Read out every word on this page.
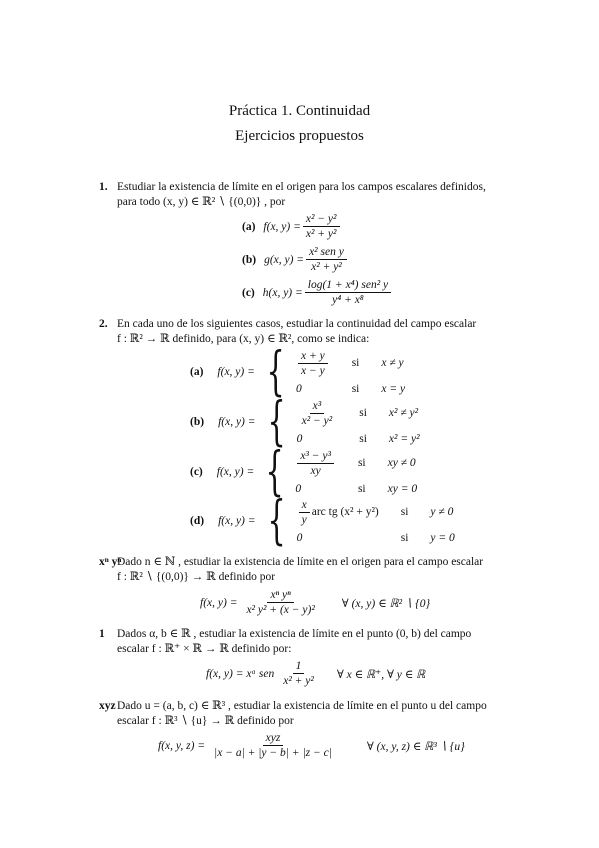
Práctica 1. Continuidad
Ejercicios propuestos
1. Estudiar la existencia de límite en el origen para los campos escalares definidos,
para todo (x, y) ∈ ℝ² ∖ {(0,0)} , por
(a) f(x, $y) = \frac{\text{x² − y²}}{\text{x² + y²}}$
(b) g(x, $y) = \frac{\text{x² sen y}}{\text{x² + y²}}$
(c) h(x, $y) = \frac{\text{log(1 + x⁴) sen² y}}{\text{y⁴ + x⁸}}$
2. En cada uno de los siguientes casos, estudiar la continuidad del campo escalar
f : ℝ² → ℝ definido, para (x, y) ∈ ℝ², como se indica:
(a) f(x, y) = { $\frac{x + y}{x - y}$ si x ≠ y
0	si x = y
(b) f(x, y) = { $\frac{\text{x³}}{\text{x² − y²}}$ si x² ≠ y²
0	si x² = y²
(c) f(x, y) = { $\frac{\text{x³ − y³}}{xy}$ si xy ≠ 0
0	si xy = 0
(d) f(x, y) = { $\frac{x}{y}$ arc tg (x² + y²) si y ≠ 0
0	si y = 0
xⁿ yⁿ
Dado n ∈ ℕ , estudiar la existencia de límite en el origen para el campo escalar
f : ℝ² ∖ {(0,0)} → ℝ definido por
f(x, $y) = \frac{\text{xⁿ yⁿ}}{\text{x² y² + (x − y)²}}$ ∀ (x, y) ∈ ℝ² ∖ {0}
1 Dados α, b ∈ ℝ , estudiar la existencia de límite en el punto (0, b) del campo
escalar f : ℝ⁺ × ℝ → ℝ definido por:
f(x, y) = xᵅ sen $\frac{1}{\text{x² + y²}}$ ∀ x ∈ ℝ⁺, ∀ y ∈ ℝ
xyz Dado u = (a, b, c) ∈ ℝ³ , estudiar la existencia de límite en el punto u del campo
escalar f : ℝ³ ∖ {u} → ℝ definido por
f(x, y, $z) = \frac{\text{xyz}}{|x - a| + |y - b| + |z - c|}$	∀ (x, y, z) ∈ ℝ³ ∖ {u}
